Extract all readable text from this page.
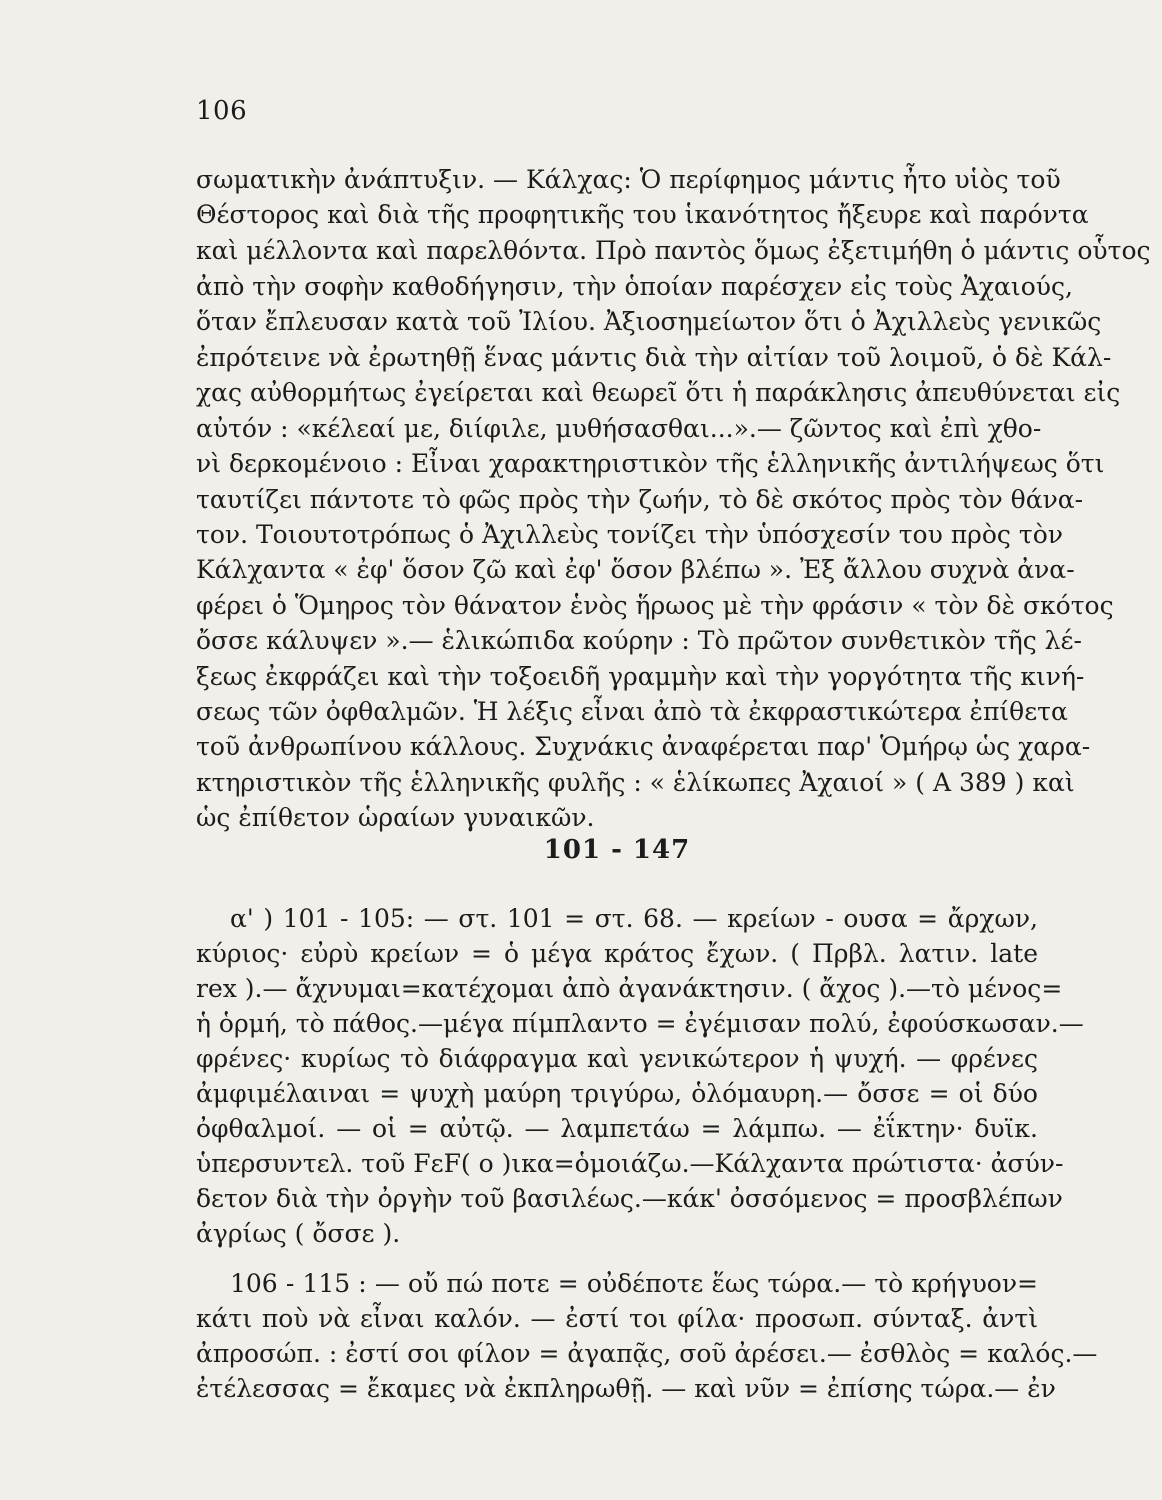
106
σωματικὴν ἀνάπτυξιν. — Κάλχας: Ὁ περίφημος μάντις ἦτο υἱὸς τοῦ
Θέστορος καὶ διὰ τῆς προφητικῆς του ἱκανότητος ἤξευρε καὶ παρόντα
καὶ μέλλοντα καὶ παρελθόντα. Πρὸ παντὸς ὅμως ἐξετιμήθη ὁ μάντις οὗτος
ἀπὸ τὴν σοφὴν καθοδήγησιν, τὴν ὁποίαν παρέσχεν εἰς τοὺς Ἀχαιούς,
ὅταν ἔπλευσαν κατὰ τοῦ Ἰλίου. Ἀξιοσημείωτον ὅτι ὁ Ἀχιλλεὺς γενικῶς
ἐπρότεινε νὰ ἐρωτηθῇ ἕνας μάντις διὰ τὴν αἰτίαν τοῦ λοιμοῦ, ὁ δὲ Κάλ-
χας αὐθορμήτως ἐγείρεται καὶ θεωρεῖ ὅτι ἡ παράκλησις ἀπευθύνεται εἰς
αὐτόν : «κέλεαί με, διίφιλε, μυθήσασθαι...».— ζῶντος καὶ ἐπὶ χθο-
νὶ δερκομένοιο : Εἶναι χαρακτηριστικὸν τῆς ἑλληνικῆς ἀντιλήψεως ὅτι
ταυτίζει πάντοτε τὸ φῶς πρὸς τὴν ζωήν, τὸ δὲ σκότος πρὸς τὸν θάνα-
τον. Τοιουτοτρόπως ὁ Ἀχιλλεὺς τονίζει τὴν ὑπόσχεσίν του πρὸς τὸν
Κάλχαντα « ἐφ' ὅσον ζῶ καὶ ἐφ' ὅσον βλέπω ». Ἐξ ἄλλου συχνὰ ἀνα-
φέρει ὁ Ὅμηρος τὸν θάνατον ἑνὸς ἥρωος μὲ τὴν φράσιν « τὸν δὲ σκότος
ὄσσε κάλυψεν ».— ἑλικώπιδα κούρην : Τὸ πρῶτον συνθετικὸν τῆς λέ-
ξεως ἐκφράζει καὶ τὴν τοξοειδῆ γραμμὴν καὶ τὴν γοργότητα τῆς κινή-
σεως τῶν ὀφθαλμῶν. Ἡ λέξις εἶναι ἀπὸ τὰ ἐκφραστικώτερα ἐπίθετα
τοῦ ἀνθρωπίνου κάλλους. Συχνάκις ἀναφέρεται παρ' Ὁμήρῳ ὡς χαρα-
κτηριστικὸν τῆς ἑλληνικῆς φυλῆς : « ἑλίκωπες Ἀχαιοί » ( Α 389 ) καὶ
ὡς ἐπίθετον ὡραίων γυναικῶν.
101 - 147
α' ) 101 - 105: — στ. 101 = στ. 68. — κρείων - ουσα = ἄρχων,
κύριος· εὐρὺ κρείων = ὁ μέγα κράτος ἔχων. ( Πρβλ. λατιν. late
rex ).— ἄχνυμαι=κατέχομαι ἀπὸ ἀγανάκτησιν. ( ἄχος ).—τὸ μένος=
ἡ ὁρμή, τὸ πάθος.—μέγα πίμπλαντο = ἐγέμισαν πολύ, ἐφούσκωσαν.—
φρένες· κυρίως τὸ διάφραγμα καὶ γενικώτερον ἡ ψυχή. — φρένες
ἀμφιμέλαιναι = ψυχὴ μαύρη τριγύρω, ὁλόμαυρη.— ὄσσε = οἱ δύο
ὀφθαλμοί. — οἱ = αὐτῷ. — λαμπετάω = λάμπω. — ἐΐκτην· δυϊκ.
ὑπερσυντελ. τοῦ FεF( ο )ικα=ὁμοιάζω.—Κάλχαντα πρώτιστα· ἀσύν-
δετον διὰ τὴν ὀργὴν τοῦ βασιλέως.—κάκ' ὀσσόμενος = προσβλέπων
ἀγρίως ( ὄσσε ).
106 - 115 : — οὔ πώ ποτε = οὐδέποτε ἕως τώρα.— τὸ κρήγυον=
κάτι ποὺ νὰ εἶναι καλόν. — ἐστί τοι φίλα· προσωπ. σύνταξ. ἀντὶ
ἀπροσώπ. : ἐστί σοι φίλον = ἀγαπᾷς, σοῦ ἀρέσει.— ἐσθλὸς = καλός.—
ἐτέλεσσας = ἔκαμες νὰ ἐκπληρωθῇ. — καὶ νῦν = ἐπίσης τώρα.— ἐν
